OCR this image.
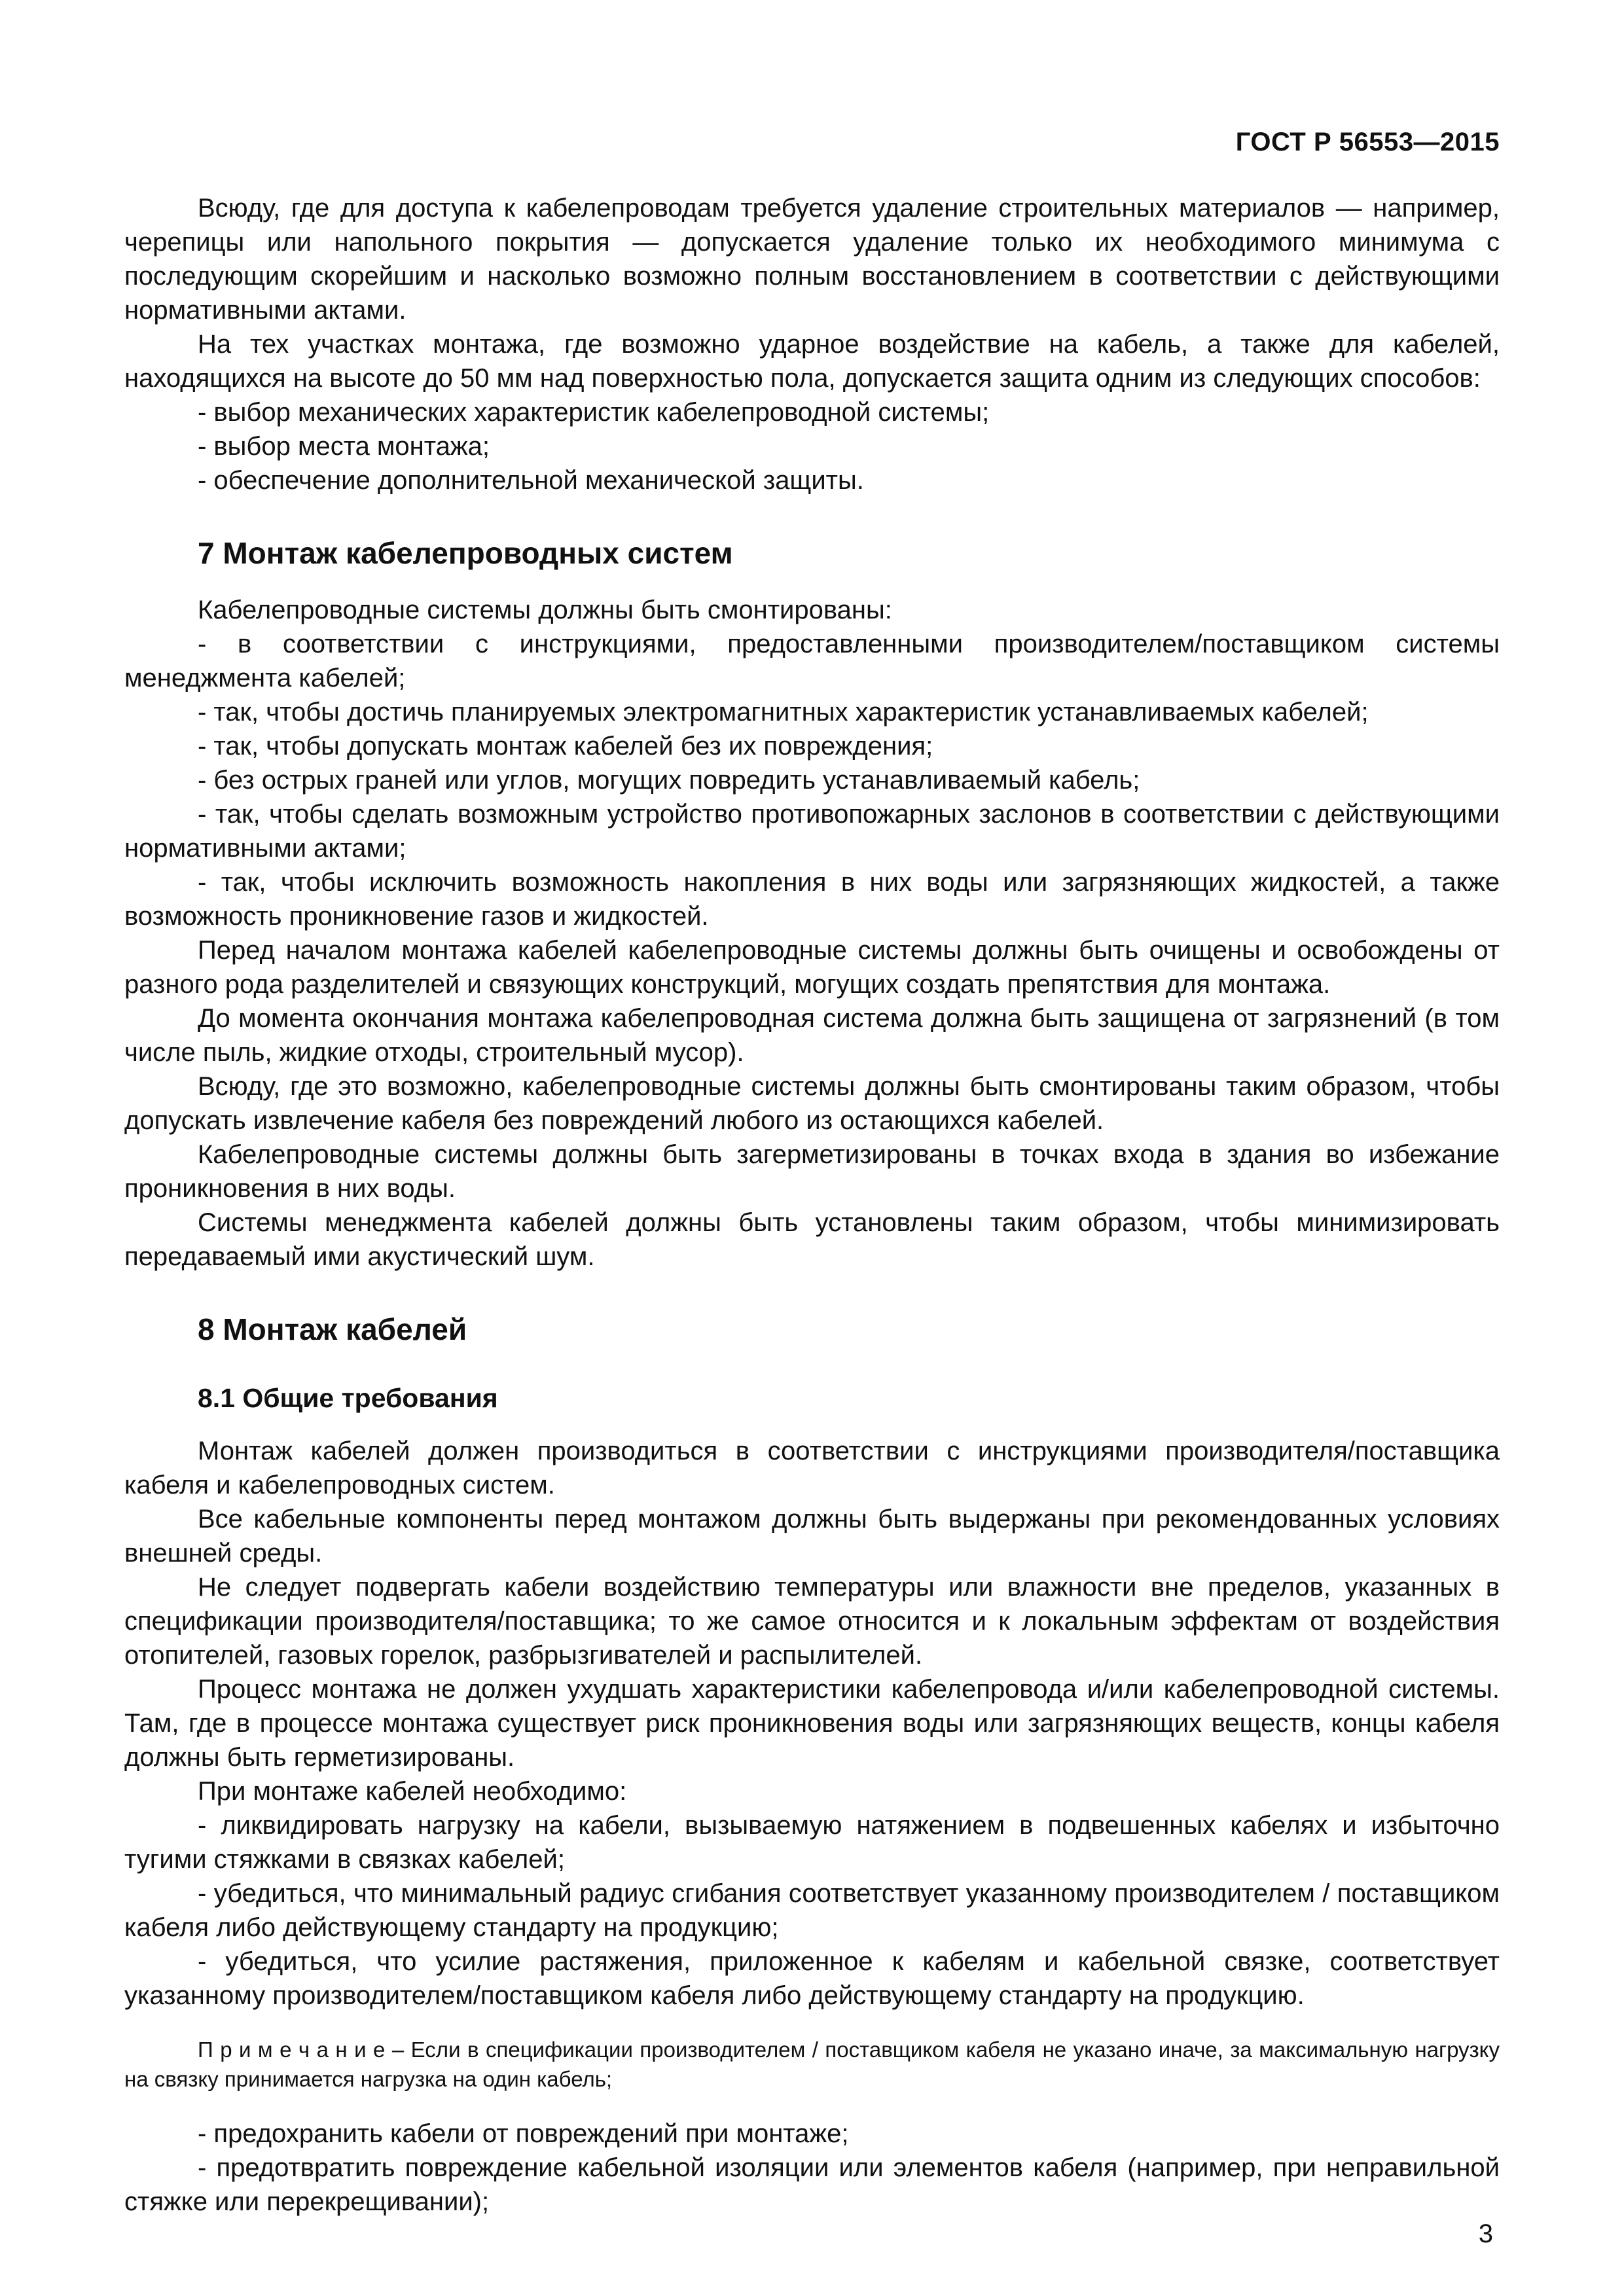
ГОСТ Р 56553—2015
Всюду, где для доступа к кабелепроводам требуется удаление строительных материалов — например, черепицы или напольного покрытия — допускается удаление только их необходимого минимума с последующим скорейшим и насколько возможно полным восстановлением в соответствии с действующими нормативными актами.
На тех участках монтажа, где возможно ударное воздействие на кабель, а также для кабелей, находящихся на высоте до 50 мм над поверхностью пола, допускается защита одним из следующих способов:
- выбор механических характеристик кабелепроводной системы;
- выбор места монтажа;
- обеспечение дополнительной механической защиты.
7 Монтаж кабелепроводных систем
Кабелепроводные системы должны быть смонтированы:
- в соответствии с инструкциями, предоставленными производителем/поставщиком системы менеджмента кабелей;
- так, чтобы достичь планируемых электромагнитных характеристик устанавливаемых кабелей;
- так, чтобы допускать монтаж кабелей без их повреждения;
- без острых граней или углов, могущих повредить устанавливаемый кабель;
- так, чтобы сделать возможным устройство противопожарных заслонов в соответствии с действующими нормативными актами;
- так, чтобы исключить возможность накопления в них воды или загрязняющих жидкостей, а также возможность проникновение газов и жидкостей.
Перед началом монтажа кабелей кабелепроводные системы должны быть очищены и освобождены от разного рода разделителей и связующих конструкций, могущих создать препятствия для монтажа.
До момента окончания монтажа кабелепроводная система должна быть защищена от загрязнений (в том числе пыль, жидкие отходы, строительный мусор).
Всюду, где это возможно, кабелепроводные системы должны быть смонтированы таким образом, чтобы допускать извлечение кабеля без повреждений любого из остающихся кабелей.
Кабелепроводные системы должны быть загерметизированы в точках входа в здания во избежание проникновения в них воды.
Системы менеджмента кабелей должны быть установлены таким образом, чтобы минимизировать передаваемый ими акустический шум.
8 Монтаж кабелей
8.1 Общие требования
Монтаж кабелей должен производиться в соответствии с инструкциями производителя/поставщика кабеля и кабелепроводных систем.
Все кабельные компоненты перед монтажом должны быть выдержаны при рекомендованных условиях внешней среды.
Не следует подвергать кабели воздействию температуры или влажности вне пределов, указанных в спецификации производителя/поставщика; то же самое относится и к локальным эффектам от воздействия отопителей, газовых горелок, разбрызгивателей и распылителей.
Процесс монтажа не должен ухудшать характеристики кабелепровода и/или кабелепроводной системы. Там, где в процессе монтажа существует риск проникновения воды или загрязняющих веществ, концы кабеля должны быть герметизированы.
При монтаже кабелей необходимо:
- ликвидировать нагрузку на кабели, вызываемую натяжением в подвешенных кабелях и избыточно тугими стяжками в связках кабелей;
- убедиться, что минимальный радиус сгибания соответствует указанному производителем / поставщиком кабеля либо действующему стандарту на продукцию;
- убедиться, что усилие растяжения, приложенное к кабелям и кабельной связке, соответствует указанному производителем/поставщиком кабеля либо действующему стандарту на продукцию.
П р и м е ч а н и е – Если в спецификации производителем / поставщиком кабеля не указано иначе, за максимальную нагрузку на связку принимается нагрузка на один кабель;
- предохранить кабели от повреждений при монтаже;
- предотвратить повреждение кабельной изоляции или элементов кабеля (например, при неправильной стяжке или перекрещивании);
3
